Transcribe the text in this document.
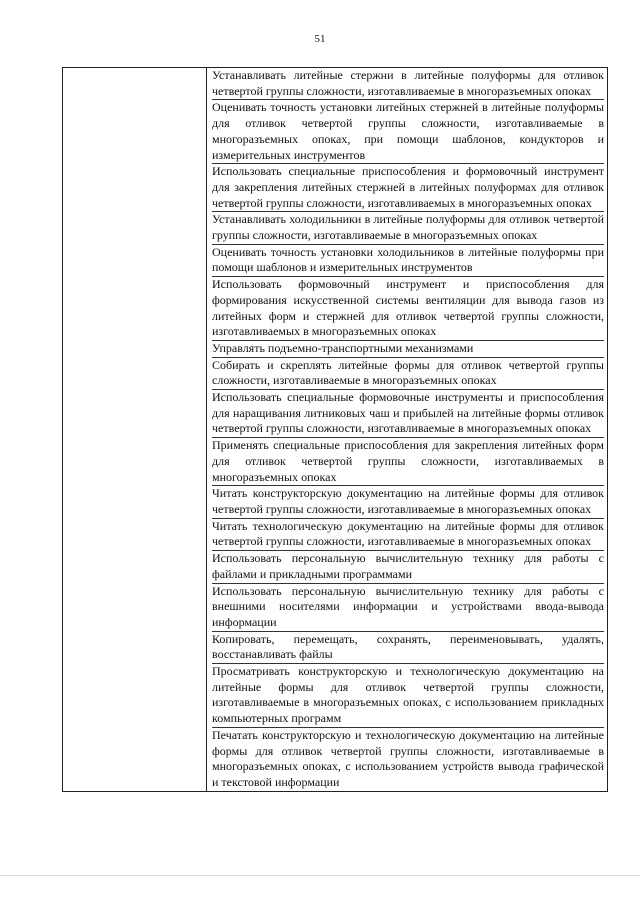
51

Устанавливать литейные стержни в литейные полуформы для отливок четвертой группы сложности, изготавливаемые в многоразъемных опоках
Оценивать точность установки литейных стержней в литейные полуформы для отливок четвертой группы сложности, изготавливаемые в многоразъемных опоках, при помощи шаблонов, кондукторов и измерительных инструментов
Использовать специальные приспособления и формовочный инструмент для закрепления литейных стержней в литейных полуформах для отливок четвертой группы сложности, изготавливаемых в многоразъемных опоках
Устанавливать холодильники в литейные полуформы для отливок четвертой группы сложности, изготавливаемые в многоразъемных опоках
Оценивать точность установки холодильников в литейные полуформы при помощи шаблонов и измерительных инструментов
Использовать формовочный инструмент и приспособления для формирования искусственной системы вентиляции для вывода газов из литейных форм и стержней для отливок четвертой группы сложности, изготавливаемых в многоразъемных опоках
Управлять подъемно-транспортными механизмами
Собирать и скреплять литейные формы для отливок четвертой группы сложности, изготавливаемые в многоразъемных опоках
Использовать специальные формовочные инструменты и приспособления для наращивания литниковых чаш и прибылей на литейные формы отливок четвертой группы сложности, изготавливаемые в многоразъемных опоках
Применять специальные приспособления для закрепления литейных форм для отливок четвертой группы сложности, изготавливаемых в многоразъемных опоках
Читать конструкторскую документацию на литейные формы для отливок четвертой группы сложности, изготавливаемые в многоразъемных опоках
Читать технологическую документацию на литейные формы для отливок четвертой группы сложности, изготавливаемые в многоразъемных опоках
Использовать персональную вычислительную технику для работы с файлами и прикладными программами
Использовать персональную вычислительную технику для работы с внешними носителями информации и устройствами ввода-вывода информации
Копировать, перемещать, сохранять, переименовывать, удалять, восстанавливать файлы
Просматривать конструкторскую и технологическую документацию на литейные формы для отливок четвертой группы сложности, изготавливаемые в многоразъемных опоках, с использованием прикладных компьютерных программ
Печатать конструкторскую и технологическую документацию на литейные формы для отливок четвертой группы сложности, изготавливаемые в многоразъемных опоках, с использованием устройств вывода графической и текстовой информации
